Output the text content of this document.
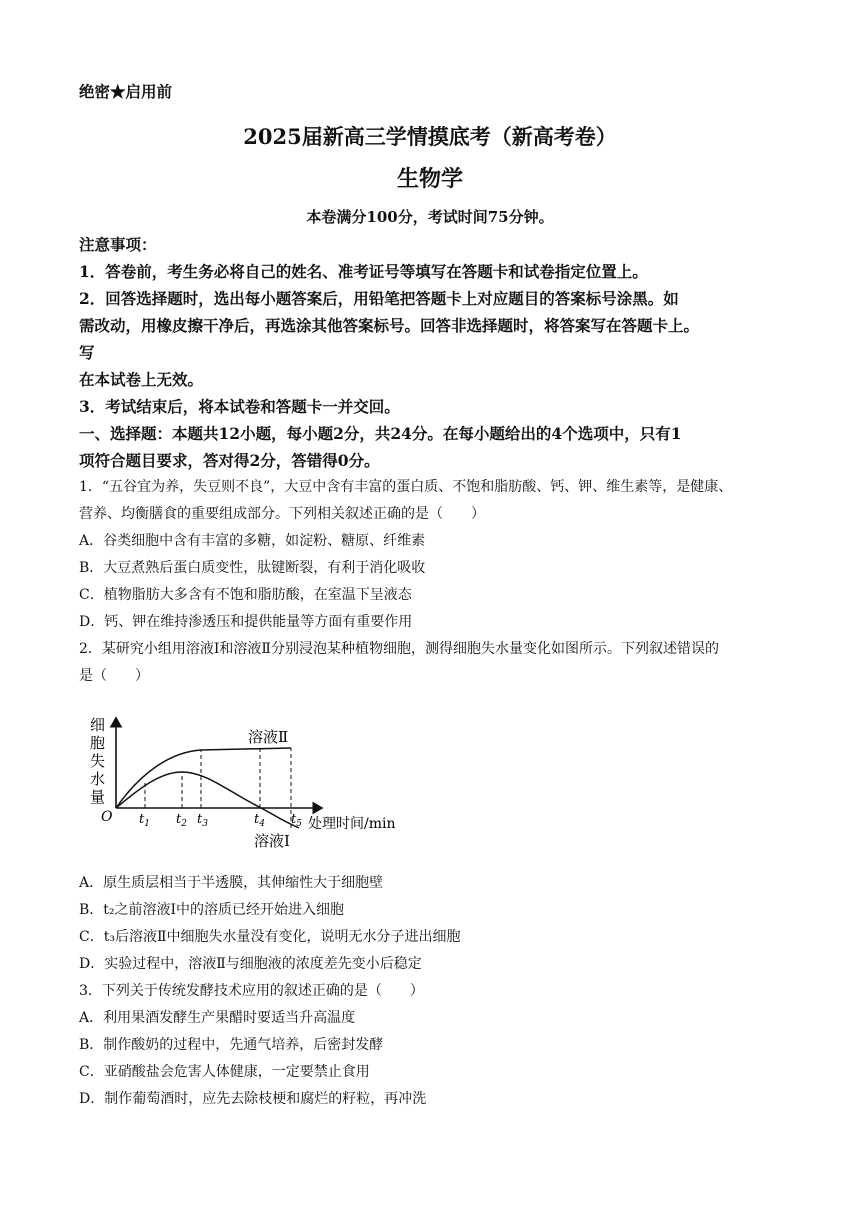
绝密★启用前
2025届新高三学情摸底考（新高考卷）
生物学
本卷满分100分，考试时间75分钟。
注意事项：
1．答卷前，考生务必将自己的姓名、准考证号等填写在答题卡和试卷指定位置上。
2．回答选择题时，选出每小题答案后，用铅笔把答题卡上对应题目的答案标号涂黑。如
需改动，用橡皮擦干净后，再选涂其他答案标号。回答非选择题时，将答案写在答题卡上。
写
在本试卷上无效。
3．考试结束后，将本试卷和答题卡一并交回。
一、选择题：本题共12小题，每小题2分，共24分。在每小题给出的4个选项中，只有1
项符合题目要求，答对得2分，答错得0分。
1．“五谷宜为养，失豆则不良”，大豆中含有丰富的蛋白质、不饱和脂肪酸、钙、钾、维生素等，是健康、
营养、均衡膳食的重要组成部分。下列相关叙述正确的是（　　）
A．谷类细胞中含有丰富的多糖，如淀粉、糖原、纤维素
B．大豆煮熟后蛋白质变性，肽键断裂，有利于消化吸收
C．植物脂肪大多含有不饱和脂肪酸，在室温下呈液态
D．钙、钾在维持渗透压和提供能量等方面有重要作用
2．某研究小组用溶液Ⅰ和溶液Ⅱ分别浸泡某种植物细胞，测得细胞失水量变化如图所示。下列叙述错误的
是（　　）
细
胞
失
水
量
O $t_1$ $t_2$ $t_3$	$t_4$ $t_5$
溶液Ⅱ
溶液Ⅰ
处理时间/min
A．原生质层相当于半透膜，其伸缩性大于细胞壁
B．t₂之前溶液Ⅰ中的溶质已经开始进入细胞
C．t₃后溶液Ⅱ中细胞失水量没有变化，说明无水分子进出细胞
D．实验过程中，溶液Ⅱ与细胞液的浓度差先变小后稳定
3．下列关于传统发酵技术应用的叙述正确的是（　　）
A．利用果酒发酵生产果醋时要适当升高温度
B．制作酸奶的过程中，先通气培养，后密封发酵
C．亚硝酸盐会危害人体健康，一定要禁止食用
D．制作葡萄酒时，应先去除枝梗和腐烂的籽粒，再冲洗
